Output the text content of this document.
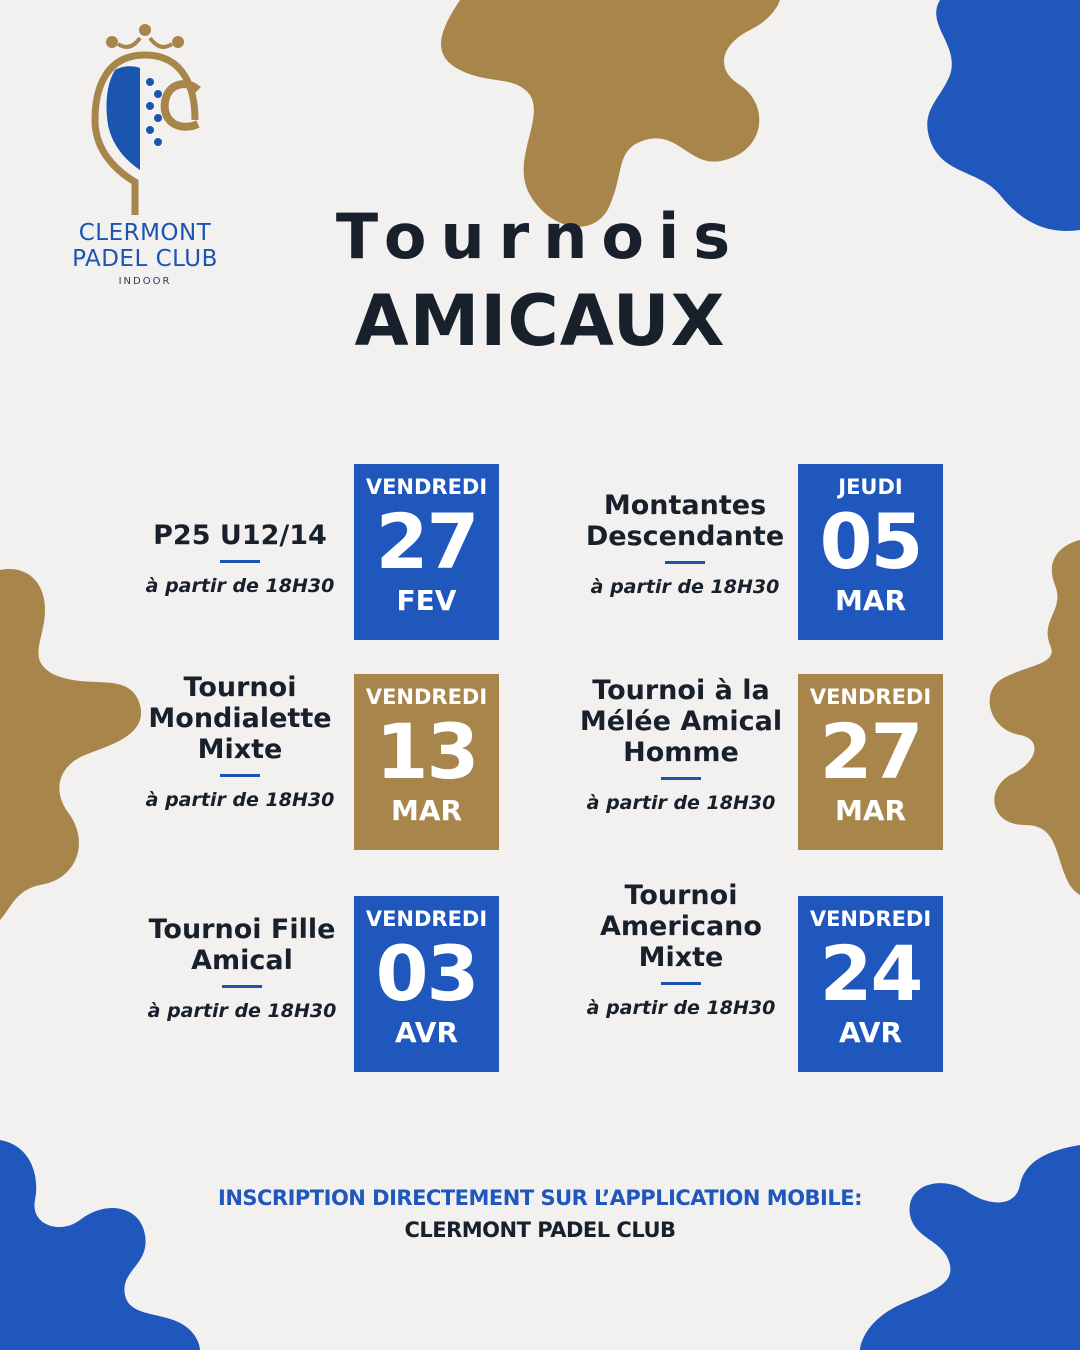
CLERMONT
PADEL CLUB
INDOOR
Tournois
AMICAUX
P25 U12/14
à partir de 18H30
VENDREDI
27
FEV
Montantes Descendante
à partir de 18H30
JEUDI
05
MAR
Tournoi Mondialette Mixte
à partir de 18H30
VENDREDI
13
MAR
Tournoi à la Mélée Amical Homme
à partir de 18H30
VENDREDI
27
MAR
Tournoi Fille Amical
à partir de 18H30
VENDREDI
03
AVR
Tournoi Americano Mixte
à partir de 18H30
VENDREDI
24
AVR
INSCRIPTION DIRECTEMENT SUR L’APPLICATION MOBILE:
CLERMONT PADEL CLUB
